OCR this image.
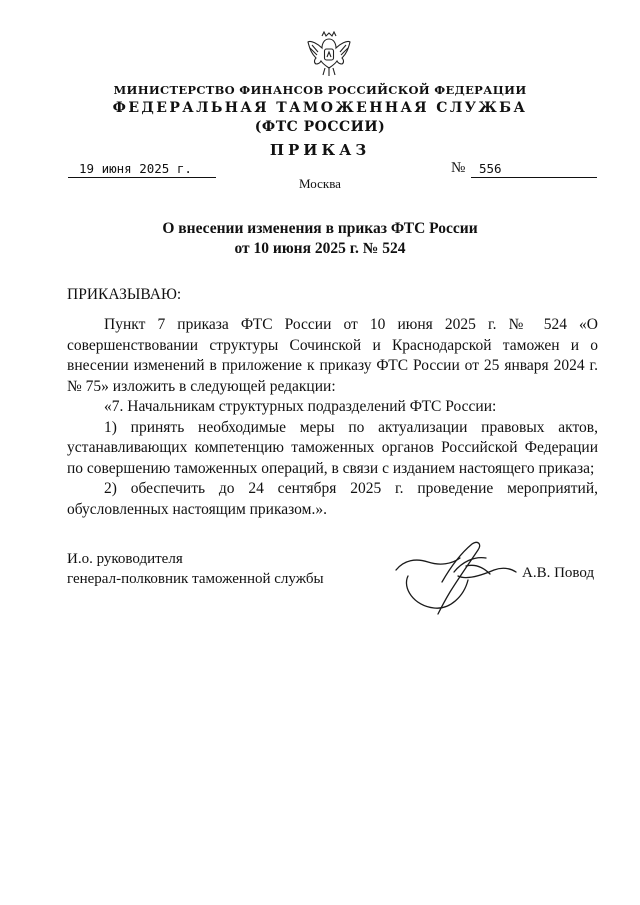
МИНИСТЕРСТВО ФИНАНСОВ РОССИЙСКОЙ ФЕДЕРАЦИИ
ФЕДЕРАЛЬНАЯ ТАМОЖЕННАЯ СЛУЖБА
(ФТС РОССИИ)
ПРИКАЗ
19 июня 2025 г.	№ 556
Москва
О внесении изменения в приказ ФТС России
от 10 июня 2025 г. № 524
ПРИКАЗЫВАЮ:

Пункт 7 приказа ФТС России от 10 июня 2025 г. № 524 «О совершенствовании структуры Сочинской и Краснодарской таможен и о внесении изменений в приложение к приказу ФТС России от 25 января 2024 г. № 75» изложить в следующей редакции:

«7. Начальникам структурных подразделений ФТС России:

1) принять необходимые меры по актуализации правовых актов, устанавливающих компетенцию таможенных органов Российской Федерации по совершению таможенных операций, в связи с изданием настоящего приказа;

2) обеспечить до 24 сентября 2025 г. проведение мероприятий, обусловленных настоящим приказом.».

И.о. руководителя
генерал-полковник таможенной службы	А.В. Повод
